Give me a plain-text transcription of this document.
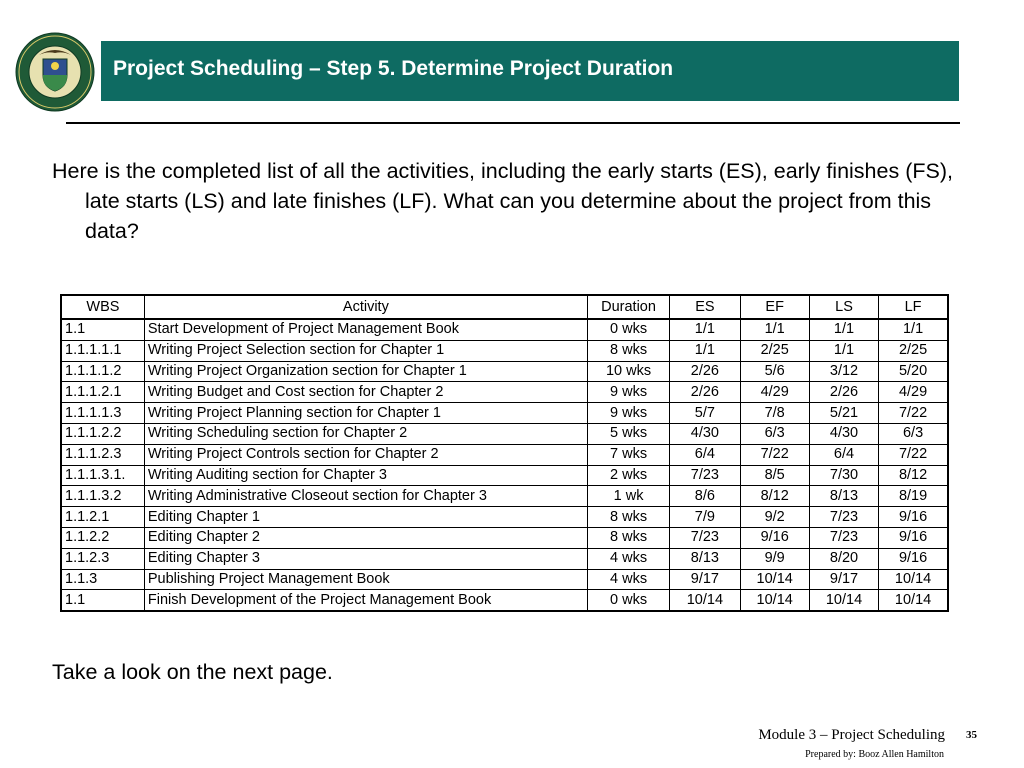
Project Scheduling – Step 5. Determine Project Duration
Here is the completed list of all the activities, including the early starts (ES), early finishes (FS), late starts (LS) and late finishes (LF). What can you determine about the project from this data?
WBS	Activity	Duration	ES	EF	LS	LF
1.1	Start Development of Project Management Book	0 wks	1/1	1/1	1/1	1/1
1.1.1.1.1	Writing Project Selection section for Chapter 1	8 wks	1/1	2/25	1/1	2/25
1.1.1.1.2	Writing Project Organization section for Chapter 1	10 wks	2/26	5/6	3/12	5/20
1.1.1.2.1	Writing Budget and Cost section for Chapter 2	9 wks	2/26	4/29	2/26	4/29
1.1.1.1.3	Writing Project Planning section for Chapter 1	9 wks	5/7	7/8	5/21	7/22
1.1.1.2.2	Writing Scheduling section for Chapter 2	5 wks	4/30	6/3	4/30	6/3
1.1.1.2.3	Writing Project Controls section for Chapter 2	7 wks	6/4	7/22	6/4	7/22
1.1.1.3.1.	Writing Auditing section for Chapter 3	2 wks	7/23	8/5	7/30	8/12
1.1.1.3.2	Writing Administrative Closeout section for Chapter 3	1 wk	8/6	8/12	8/13	8/19
1.1.2.1	Editing Chapter 1	8 wks	7/9	9/2	7/23	9/16
1.1.2.2	Editing Chapter 2	8 wks	7/23	9/16	7/23	9/16
1.1.2.3	Editing Chapter 3	4 wks	8/13	9/9	8/20	9/16
1.1.3	Publishing Project Management Book	4 wks	9/17	10/14	9/17	10/14
1.1	Finish Development of the Project Management Book	0 wks	10/14	10/14	10/14	10/14
Take a look on the next page.
Module 3 – Project Scheduling 35
Prepared by: Booz Allen Hamilton
